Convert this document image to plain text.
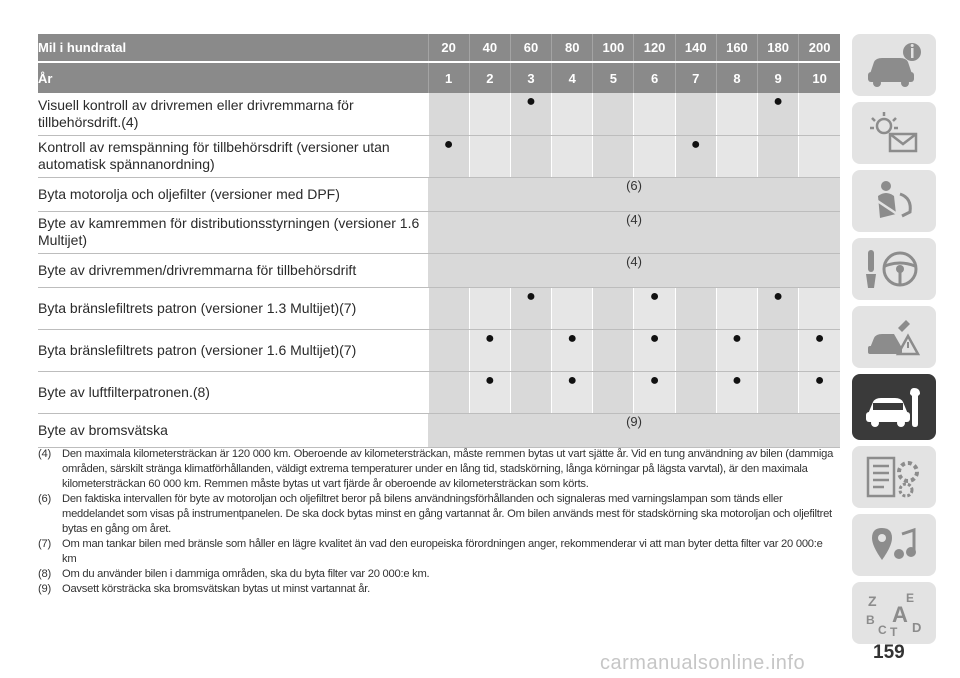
Mil i hundratal	20	40	60	80	100	120	140	160	180	200
År	1	2	3	4	5	6	7	8	9	10
Visuell kontroll av drivremen eller drivremmarna för tillbehörsdrift.(4)			●						●	
Kontroll av remspänning för tillbehörsdrift (versioner utan automatisk spännanordning)	●						●			
Byta motorolja och oljefilter (versioner med DPF)	(6)									
Byte av kamremmen för distributionsstyrningen (versioner 1.6 Multijet)	(4)									
Byte av drivremmen/drivremmarna för tillbehörsdrift	(4)									
Byta bränslefiltrets patron (versioner 1.3 Multijet)(7)			●			●			●	
Byta bränslefiltrets patron (versioner 1.6 Multijet)(7)		●		●		●		●		●
Byte av luftfilterpatronen.(8)		●		●		●		●		●
Byte av bromsvätska	(9)									
(4) Den maximala kilometersträckan är 120 000 km. Oberoende av kilometersträckan, måste remmen bytas ut vart sjätte år. Vid en tung användning av bilen (dammiga områden, särskilt stränga klimatförhållanden, väldigt extrema temperaturer under en lång tid, stadskörning, långa körningar på lägsta varvtal), är den maximala kilometersträckan 60 000 km. Remmen måste bytas ut vart fjärde år oberoende av kilometersträckan som körts.
(6) Den faktiska intervallen för byte av motoroljan och oljefiltret beror på bilens användningsförhållanden och signaleras med varningslampan som tänds eller meddelandet som visas på instrumentpanelen. De ska dock bytas minst en gång vartannat år. Om bilen används mest för stadskörning ska motoroljan och oljefiltret bytas en gång om året.
(7) Om man tankar bilen med bränsle som håller en lägre kvalitet än vad den europeiska förordningen anger, rekommenderar vi att man byter detta filter var 20 000:e km
(8) Om du använder bilen i dammiga områden, ska du byta filter var 20 000:e km.
(9) Oavsett körsträcka ska bromsvätskan bytas ut minst vartannat år.
Z E
B A
C T D
159
carmanualsonline.info
